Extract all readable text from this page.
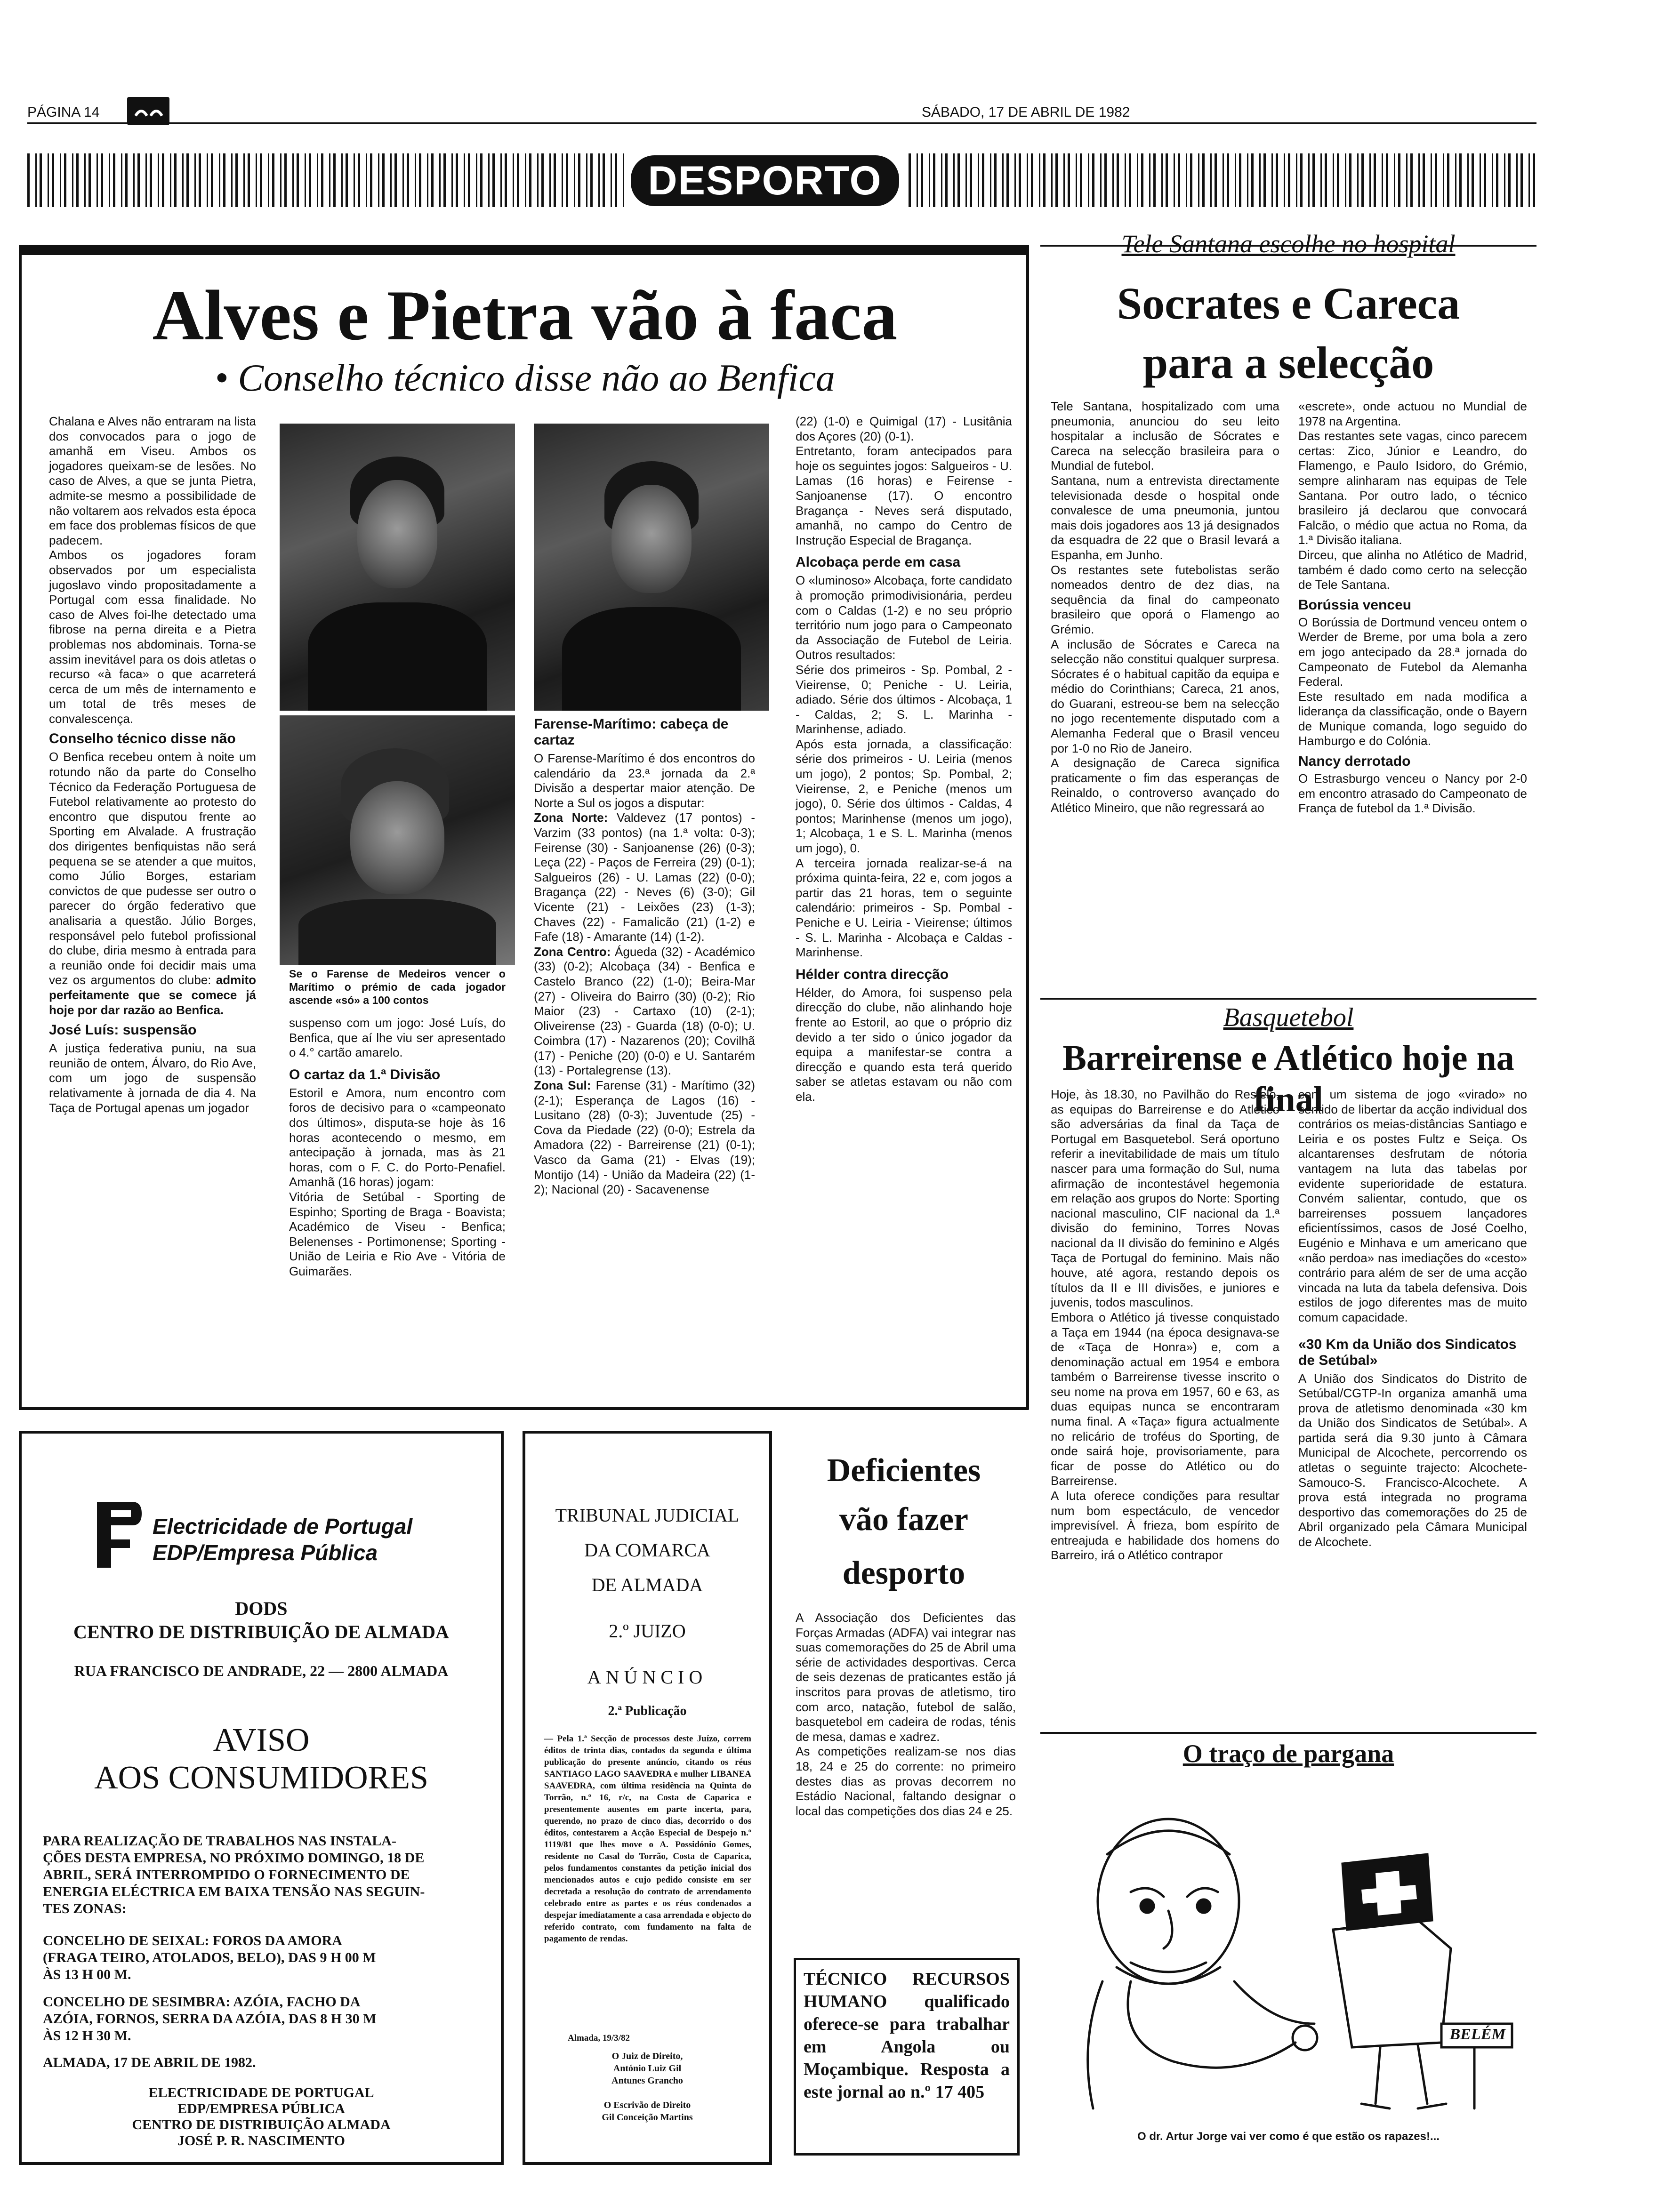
PÁGINA 14	SÁBADO, 17 DE ABRIL DE 1982
DESPORTO
Alves e Pietra vão à faca
• Conselho técnico disse não ao Benfica
Chalana e Alves não entraram na lista dos convocados para o jogo de amanhã em Viseu. Ambos os jogadores queixam-se de lesões. No caso de Alves, a que se junta Pietra, admite-se mesmo a possibilidade de não voltarem aos relvados esta época em face dos problemas físicos de que padecem.
Ambos os jogadores foram observados por um especialista jugoslavo vindo propositadamente a Portugal com essa finalidade. No caso de Alves foi-lhe detectado uma fibrose na perna direita e a Pietra problemas nos abdominais. Torna-se assim inevitável para os dois atletas o recurso «à faca» o que acarreterá cerca de um mês de internamento e um total de três meses de convalescença.
Conselho técnico disse não
O Benfica recebeu ontem à noite um rotundo não da parte do Conselho Técnico da Federação Portuguesa de Futebol relativamente ao protesto do encontro que disputou frente ao Sporting em Alvalade. A frustração dos dirigentes benfiquistas não será pequena se se atender a que muitos, como Júlio Borges, estariam convictos de que pudesse ser outro o parecer do órgão federativo que analisaria a questão. Júlio Borges, responsável pelo futebol profissional do clube, diria mesmo à entrada para a reunião onde foi decidir mais uma vez os argumentos do clube: admito perfeitamente que se comece já hoje por dar razão ao Benfica.
José Luís: suspensão
A justiça federativa puniu, na sua reunião de ontem, Álvaro, do Rio Ave, com um jogo de suspensão relativamente à jornada de dia 4. Na Taça de Portugal apenas um jogador
Se o Farense de Medeiros vencer o Marítimo o prémio de cada jogador ascende «só» a 100 contos
suspenso com um jogo: José Luís, do Benfica, que aí lhe viu ser apresentado o 4.° cartão amarelo.
O cartaz da 1.ª Divisão
Estoril e Amora, num encontro com foros de decisivo para o «campeonato dos últimos», disputa-se hoje às 16 horas acontecendo o mesmo, em antecipação à jornada, mas às 21 horas, com o F. C. do Porto-Penafiel. Amanhã (16 horas) jogam:
Vitória de Setúbal - Sporting de Espinho; Sporting de Braga - Boavista; Académico de Viseu - Benfica; Belenenses - Portimonense; Sporting - União de Leiria e Rio Ave - Vitória de Guimarães.
Farense-Marítimo: cabeça de cartaz
O Farense-Marítimo é dos encontros do calendário da 23.ª jornada da 2.ª Divisão a despertar maior atenção. De Norte a Sul os jogos a disputar:
Zona Norte: Valdevez (17 pontos) - Varzim (33 pontos) (na 1.ª volta: 0-3); Feirense (30) - Sanjoanense (26) (0-3); Leça (22) - Paços de Ferreira (29) (0-1); Salgueiros (26) - U. Lamas (22) (0-0); Bragança (22) - Neves (6) (3-0); Gil Vicente (21) - Leixões (23) (1-3); Chaves (22) - Famalicão (21) (1-2) e Fafe (18) - Amarante (14) (1-2).
Zona Centro: Águeda (32) - Académico (33) (0-2); Alcobaça (34) - Benfica e Castelo Branco (22) (1-0); Beira-Mar (27) - Oliveira do Bairro (30) (0-2); Rio Maior (23) - Cartaxo (10) (2-1); Oliveirense (23) - Guarda (18) (0-0); U. Coimbra (17) - Nazarenos (20); Covilhã (17) - Peniche (20) (0-0) e U. Santarém (13) - Portalegrense (13).
Zona Sul: Farense (31) - Marítimo (32) (2-1); Esperança de Lagos (16) - Lusitano (28) (0-3); Juventude (25) - Cova da Piedade (22) (0-0); Estrela da Amadora (22) - Barreirense (21) (0-1); Vasco da Gama (21) - Elvas (19); Montijo (14) - União da Madeira (22) (1-2); Nacional (20) - Sacavenense
(22) (1-0) e Quimigal (17) - Lusitânia dos Açores (20) (0-1).
Entretanto, foram antecipados para hoje os seguintes jogos: Salgueiros - U. Lamas (16 horas) e Feirense - Sanjoanense (17). O encontro Bragança - Neves será disputado, amanhã, no campo do Centro de Instrução Especial de Bragança.
Alcobaça perde em casa
O «luminoso» Alcobaça, forte candidato à promoção primodivisionária, perdeu com o Caldas (1-2) e no seu próprio território num jogo para o Campeonato da Associação de Futebol de Leiria. Outros resultados:
Série dos primeiros - Sp. Pombal, 2 - Vieirense, 0; Peniche - U. Leiria, adiado. Série dos últimos - Alcobaça, 1 - Caldas, 2; S. L. Marinha - Marinhense, adiado.
Após esta jornada, a classificação: série dos primeiros - U. Leiria (menos um jogo), 2 pontos; Sp. Pombal, 2; Vieirense, 2, e Peniche (menos um jogo), 0. Série dos últimos - Caldas, 4 pontos; Marinhense (menos um jogo), 1; Alcobaça, 1 e S. L. Marinha (menos um jogo), 0.
A terceira jornada realizar-se-á na próxima quinta-feira, 22 e, com jogos a partir das 21 horas, tem o seguinte calendário: primeiros - Sp. Pombal - Peniche e U. Leiria - Vieirense; últimos - S. L. Marinha - Alcobaça e Caldas - Marinhense.
Hélder contra direcção
Hélder, do Amora, foi suspenso pela direcção do clube, não alinhando hoje frente ao Estoril, ao que o próprio diz devido a ter sido o único jogador da equipa a manifestar-se contra a direcção e quando esta terá querido saber se atletas estavam ou não com ela.
Tele Santana escolhe no hospital
Socrates e Careca
para a selecção
Tele Santana, hospitalizado com uma pneumonia, anunciou do seu leito hospitalar a inclusão de Sócrates e Careca na selecção brasileira para o Mundial de futebol.
Santana, num a entrevista directamente televisionada desde o hospital onde convalesce de uma pneumonia, juntou mais dois jogadores aos 13 já designados da esquadra de 22 que o Brasil levará a Espanha, em Junho.
Os restantes sete futebolistas serão nomeados dentro de dez dias, na sequência da final do campeonato brasileiro que oporá o Flamengo ao Grémio.
A inclusão de Sócrates e Careca na selecção não constitui qualquer surpresa. Sócrates é o habitual capitão da equipa e médio do Corinthians; Careca, 21 anos, do Guarani, estreou-se bem na selecção no jogo recentemente disputado com a Alemanha Federal que o Brasil venceu por 1-0 no Rio de Janeiro.
A designação de Careca significa praticamente o fim das esperanças de Reinaldo, o controverso avançado do Atlético Mineiro, que não regressará ao
«escrete», onde actuou no Mundial de 1978 na Argentina.
Das restantes sete vagas, cinco parecem certas: Zico, Júnior e Leandro, do Flamengo, e Paulo Isidoro, do Grémio, sempre alinharam nas equipas de Tele Santana. Por outro lado, o técnico brasileiro já declarou que convocará Falcão, o médio que actua no Roma, da 1.ª Divisão italiana.
Dirceu, que alinha no Atlético de Madrid, também é dado como certo na selecção de Tele Santana.
Borússia venceu
O Borússia de Dortmund venceu ontem o Werder de Breme, por uma bola a zero em jogo antecipado da 28.ª jornada do Campeonato de Futebol da Alemanha Federal.
Este resultado em nada modifica a liderança da classificação, onde o Bayern de Munique comanda, logo seguido do Hamburgo e do Colónia.
Nancy derrotado
O Estrasburgo venceu o Nancy por 2-0 em encontro atrasado do Campeonato de França de futebol da 1.ª Divisão.
Basquetebol
Barreirense e Atlético hoje na final
Hoje, às 18.30, no Pavilhão do Restelo, as equipas do Barreirense e do Atlético são adversárias da final da Taça de Portugal em Basquetebol. Será oportuno referir a inevitabilidade de mais um título nascer para uma formação do Sul, numa afirmação de incontestável hegemonia em relação aos grupos do Norte: Sporting nacional masculino, CIF nacional da 1.ª divisão do feminino, Torres Novas nacional da II divisão do feminino e Algés Taça de Portugal do feminino. Mais não houve, até agora, restando depois os títulos da II e III divisões, e juniores e juvenis, todos masculinos.
Embora o Atlético já tivesse conquistado a Taça em 1944 (na época designava-se de «Taça de Honra») e, com a denominação actual em 1954 e embora também o Barreirense tivesse inscrito o seu nome na prova em 1957, 60 e 63, as duas equipas nunca se encontraram numa final. A «Taça» figura actualmente no relicário de troféus do Sporting, de onde sairá hoje, provisoriamente, para ficar de posse do Atlético ou do Barreirense.
A luta oferece condições para resultar num bom espectáculo, de vencedor imprevisível. À frieza, bom espírito de entreajuda e habilidade dos homens do Barreiro, irá o Atlético contrapor
com um sistema de jogo «virado» no sentido de libertar da acção individual dos contrários os meias-distâncias Santiago e Leiria e os postes Fultz e Seiça. Os alcantarenses desfrutam de nótoria vantagem na luta das tabelas por evidente superioridade de estatura. Convém salientar, contudo, que os barreirenses possuem lançadores eficientíssimos, casos de José Coelho, Eugénio e Minhava e um americano que «não perdoa» nas imediações do «cesto» contrário para além de ser de uma acção vincada na luta da tabela defensiva. Dois estilos de jogo diferentes mas de muito comum capacidade.
«30 Km da União dos Sindicatos de Setúbal»
A União dos Sindicatos do Distrito de Setúbal/CGTP-In organiza amanhã uma prova de atletismo denominada «30 km da União dos Sindicatos de Setúbal». A partida será dia 9.30 junto à Câmara Municipal de Alcochete, percorrendo os atletas o seguinte trajecto: Alcochete-Samouco-S. Francisco-Alcochete. A prova está integrada no programa desportivo das comemorações do 25 de Abril organizado pela Câmara Municipal de Alcochete.
Electricidade de Portugal
EDP/Empresa Pública
DODS
CENTRO DE DISTRIBUIÇÃO DE ALMADA
RUA FRANCISCO DE ANDRADE, 22 — 2800 ALMADA
AVISO
AOS CONSUMIDORES
PARA REALIZAÇÃO DE TRABALHOS NAS INSTALA-
ÇÕES DESTA EMPRESA, NO PRÓXIMO DOMINGO, 18 DE
ABRIL, SERÁ INTERROMPIDO O FORNECIMENTO DE
ENERGIA ELÉCTRICA EM BAIXA TENSÃO NAS SEGUIN-
TES ZONAS:
CONCELHO DE SEIXAL: FOROS DA AMORA
(FRAGA TEIRO, ATOLADOS, BELO), DAS 9 H 00 M
ÀS 13 H 00 M.
CONCELHO DE SESIMBRA: AZÓIA, FACHO DA
AZÓIA, FORNOS, SERRA DA AZÓIA, DAS 8 H 30 M
ÀS 12 H 30 M.
ALMADA, 17 DE ABRIL DE 1982.
ELECTRICIDADE DE PORTUGAL
EDP/EMPRESA PÚBLICA
CENTRO DE DISTRIBUIÇÃO ALMADA
JOSÉ P. R. NASCIMENTO
TRIBUNAL JUDICIAL
DA COMARCA
DE ALMADA
2.º JUIZO
ANÚNCIO
2.ª Publicação
— Pela 1.ª Secção de processos deste Juízo, correm éditos de trinta dias, contados da segunda e última publicação do presente anúncio, citando os réus SANTIAGO LAGO SAAVEDRA e mulher LIBANEA SAAVEDRA, com última residência na Quinta do Torrão, n.º 16, r/c, na Costa de Caparica e presentemente ausentes em parte incerta, para, querendo, no prazo de cinco dias, decorrido o dos éditos, contestarem a Acção Especial de Despejo n.º 1119/81 que lhes move o A. Possidónio Gomes, residente no Casal do Torrão, Costa de Caparica, pelos fundamentos constantes da petição inicial dos mencionados autos e cujo pedido consiste em ser decretada a resolução do contrato de arrendamento celebrado entre as partes e os réus condenados a despejar imediatamente a casa arrendada e objecto do referido contrato, com fundamento na falta de pagamento de rendas.
Almada, 19/3/82
O Juiz de Direito,
António Luiz Gil
Antunes Grancho
O Escrivão de Direito
Gil Conceição Martins
Deficientes
vão fazer
desporto
A Associação dos Deficientes das Forças Armadas (ADFA) vai integrar nas suas comemorações do 25 de Abril uma série de actividades desportivas. Cerca de seis dezenas de praticantes estão já inscritos para provas de atletismo, tiro com arco, natação, futebol de salão, basquetebol em cadeira de rodas, ténis de mesa, damas e xadrez.
As competições realizam-se nos dias 18, 24 e 25 do corrente: no primeiro destes dias as provas decorrem no Estádio Nacional, faltando designar o local das competições dos dias 24 e 25.
TÉCNICO RECURSOS HUMANO qualificado oferece-se para trabalhar em Angola ou Moçambique. Resposta a este jornal ao n.º 17 405
O traço de pargana
BELÉM
O dr. Artur Jorge vai ver como é que estão os rapazes!...
